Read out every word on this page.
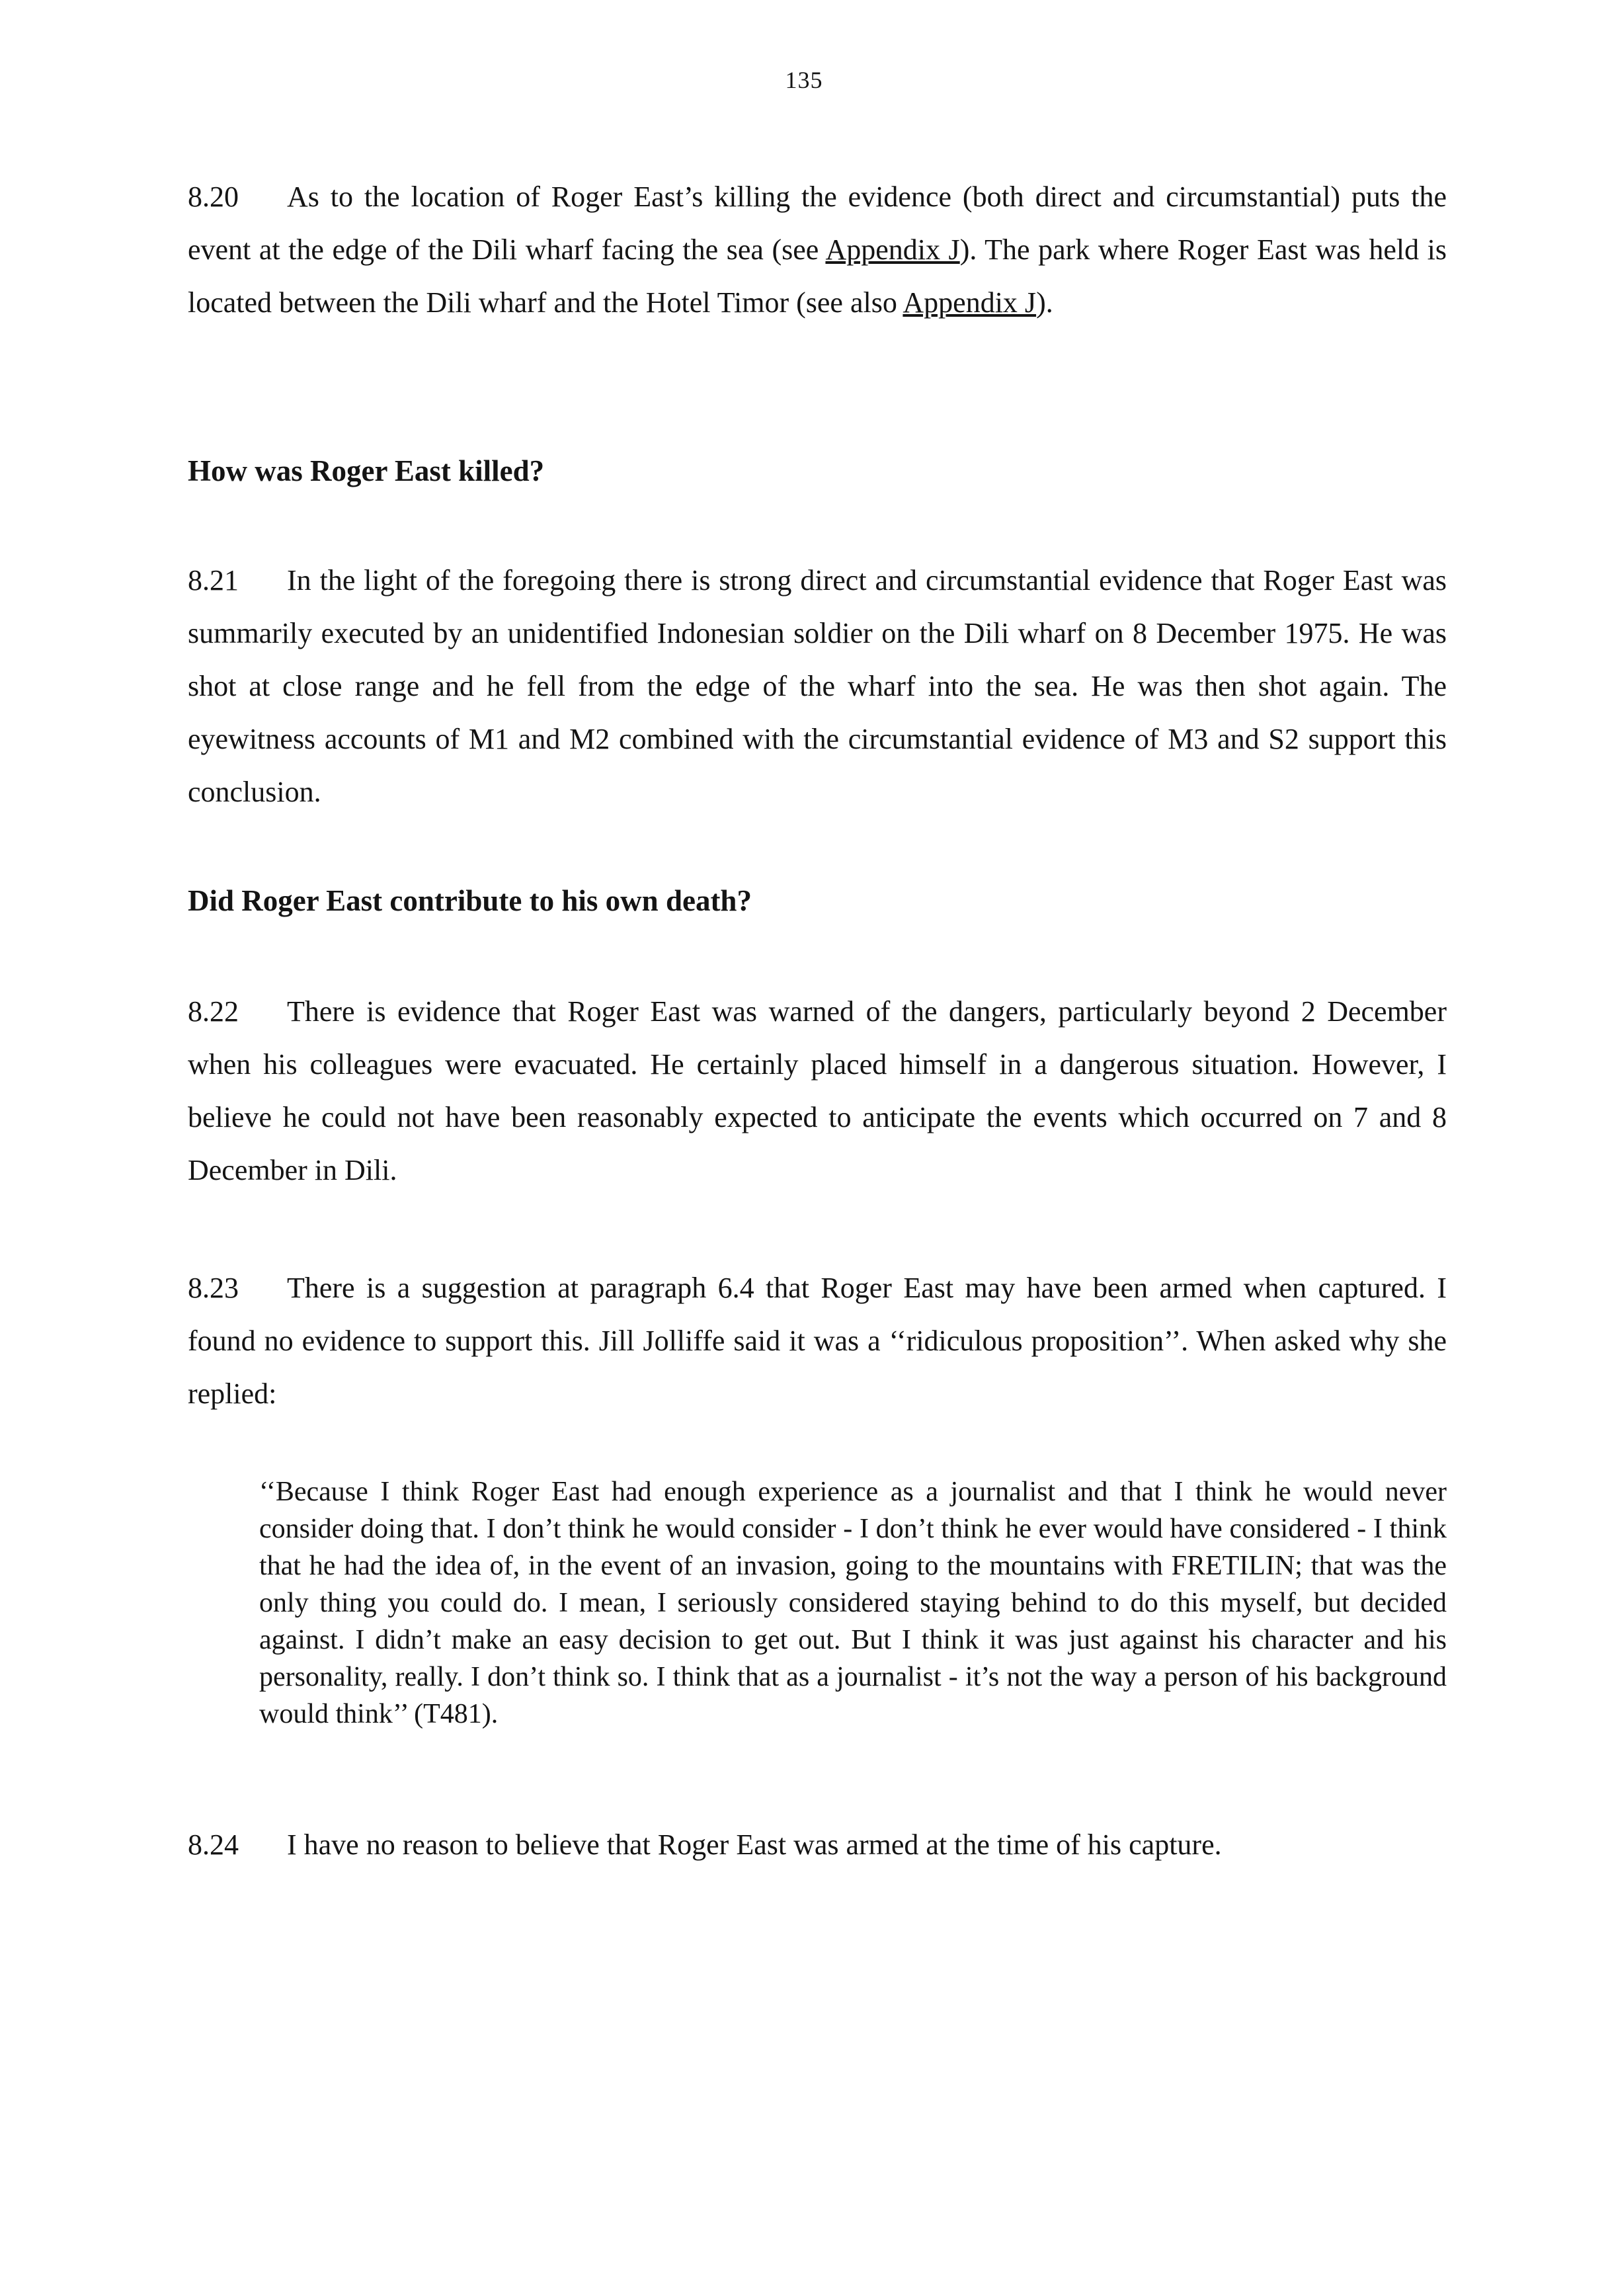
135

8.20 As to the location of Roger East’s killing the evidence (both direct and circumstantial) puts the event at the edge of the Dili wharf facing the sea (see Appendix J). The park where Roger East was held is located between the Dili wharf and the Hotel Timor (see also Appendix J).

How was Roger East killed?

8.21 In the light of the foregoing there is strong direct and circumstantial evidence that Roger East was summarily executed by an unidentified Indonesian soldier on the Dili wharf on 8 December 1975. He was shot at close range and he fell from the edge of the wharf into the sea. He was then shot again. The eyewitness accounts of M1 and M2 combined with the circumstantial evidence of M3 and S2 support this conclusion.

Did Roger East contribute to his own death?

8.22 There is evidence that Roger East was warned of the dangers, particularly beyond 2 December when his colleagues were evacuated. He certainly placed himself in a dangerous situation. However, I believe he could not have been reasonably expected to anticipate the events which occurred on 7 and 8 December in Dili.

8.23 There is a suggestion at paragraph 6.4 that Roger East may have been armed when captured. I found no evidence to support this. Jill Jolliffe said it was a ‘‘ridiculous proposition’’. When asked why she replied:

‘‘Because I think Roger East had enough experience as a journalist and that I think he would never consider doing that. I don’t think he would consider - I don’t think he ever would have considered - I think that he had the idea of, in the event of an invasion, going to the mountains with FRETILIN; that was the only thing you could do. I mean, I seriously considered staying behind to do this myself, but decided against. I didn’t make an easy decision to get out. But I think it was just against his character and his personality, really. I don’t think so. I think that as a journalist - it’s not the way a person of his background would think’’ (T481).

8.24 I have no reason to believe that Roger East was armed at the time of his capture.
